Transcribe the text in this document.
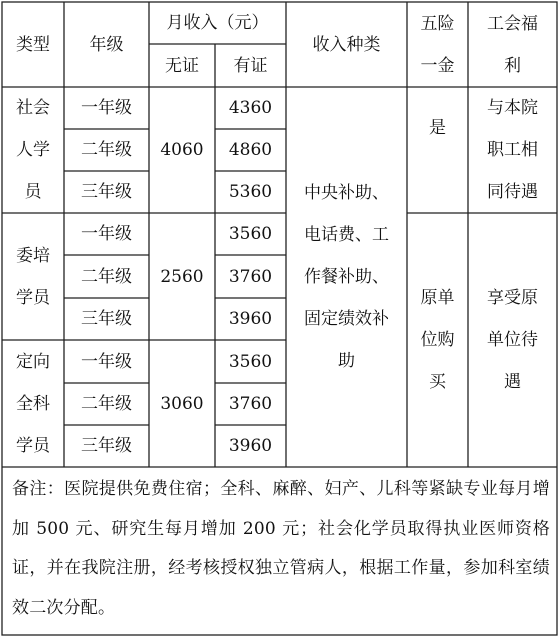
类型	年级
月收入（元）
无证	有证
收入种类
五险
一金
工会福
利
社会
人学
员
一年级
二年级
三年级
4060
4360
4860
5360
委培
学员
一年级
二年级
三年级
2560
3560
3760
3960
定向
全科
学员
一年级
二年级
三年级
3060
3560
3760
3960
中央补助、
电话费、工
作餐补助、
固定绩效补
助
是
原单
位购
买
与本院
职工相
同待遇
享受原
单位待
遇
备注：医院提供免费住宿；全科、麻醉、妇产、儿科等紧缺专业每月增加 500 元、研究生每月增加 200 元；社会化学员取得执业医师资格证，并在我院注册，经考核授权独立管病人，根据工作量，参加科室绩效二次分配。
